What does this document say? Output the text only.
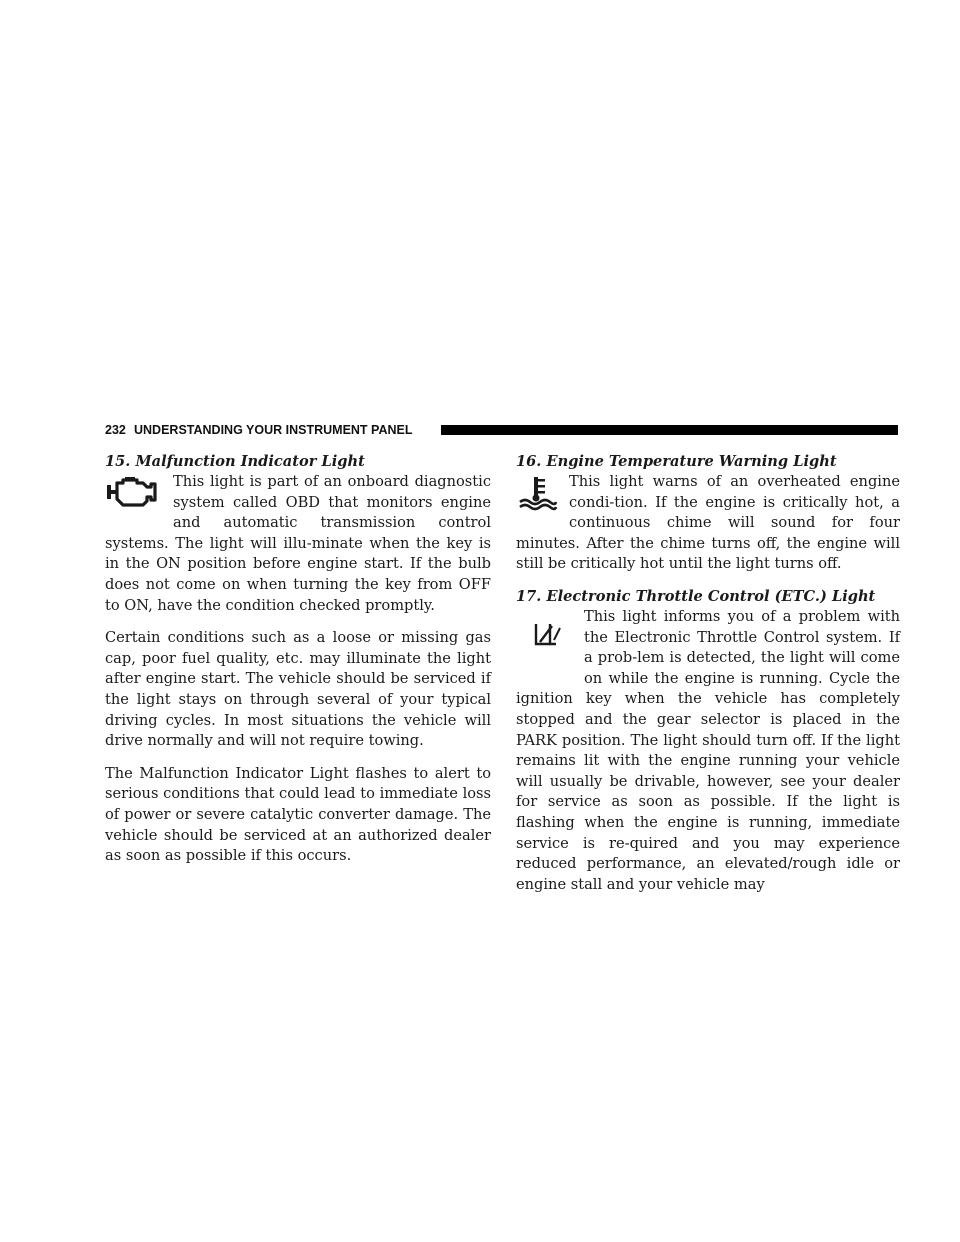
232 UNDERSTANDING YOUR INSTRUMENT PANEL

15. Malfunction Indicator Light

This light is part of an onboard diagnostic system called OBD that monitors engine and automatic transmission control systems. The light will illu-minate when the key is in the ON position before engine start. If the bulb does not come on when turning the key from OFF to ON, have the condition checked promptly.

Certain conditions such as a loose or missing gas cap, poor fuel quality, etc. may illuminate the light after engine start. The vehicle should be serviced if the light stays on through several of your typical driving cycles. In most situations the vehicle will drive normally and will not require towing.

The Malfunction Indicator Light flashes to alert to serious conditions that could lead to immediate loss of power or severe catalytic converter damage. The vehicle should be serviced at an authorized dealer as soon as possible if this occurs.

16. Engine Temperature Warning Light

This light warns of an overheated engine condi-tion. If the engine is critically hot, a continuous chime will sound for four minutes. After the chime turns off, the engine will still be critically hot until the light turns off.

17. Electronic Throttle Control (ETC.) Light

This light informs you of a problem with the Electronic Throttle Control system. If a prob-lem is detected, the light will come on while the engine is running. Cycle the ignition key when the vehicle has completely stopped and the gear selector is placed in the PARK position. The light should turn off. If the light remains lit with the engine running your vehicle will usually be drivable, however, see your dealer for service as soon as possible. If the light is flashing when the engine is running, immediate service is re-quired and you may experience reduced performance, an elevated/rough idle or engine stall and your vehicle may
